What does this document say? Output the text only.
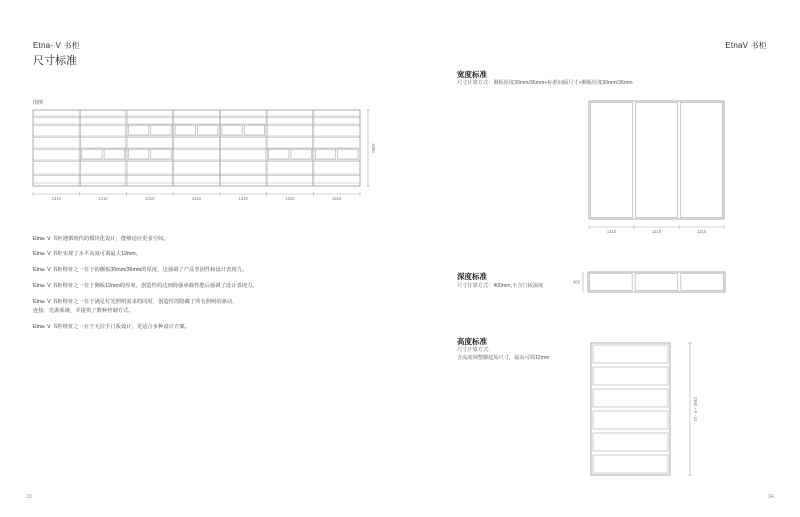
Etna- V 书柜
尺寸标准
图例
1310	1310	1310	1310	1310	1310	1310
2390
Etna- V 书柜遵循现代的模块化设计，能够适应更多空间。
Etna- V 书柜实现了水平高度可调最大12mm。
Etna- V 书柜特征之一在于的侧板30mm/36mm的厚度，这强调了产品坚固性和设计表现力。
Etna- V 书柜特征之一在于侧板12mm的厚度，创造性的达到倚强承载性能后强调了设计表现力。
Etna- V 书柜特征之一在于满足灯光照明需求的同时，创造性的隐藏了所有照明的驱动、
连接、光源系统，并提供了数种控制方式。
Etna- V 书柜特征之一在于无拉手门板设计，更适合多种设计方案。
33
EtnaV 书柜
宽度标准
尺寸计算方式：侧板厚度30mm/36mm+标准间隔尺寸+侧板厚度30mm/36mm
1310	1310	1310
深度标准
尺寸计算方式：400mm,不含门板深度
400
高度标准
尺寸计算方式：
含高度调整脚起始尺寸，最高可调12mm
2390 + 0 - 12
34
